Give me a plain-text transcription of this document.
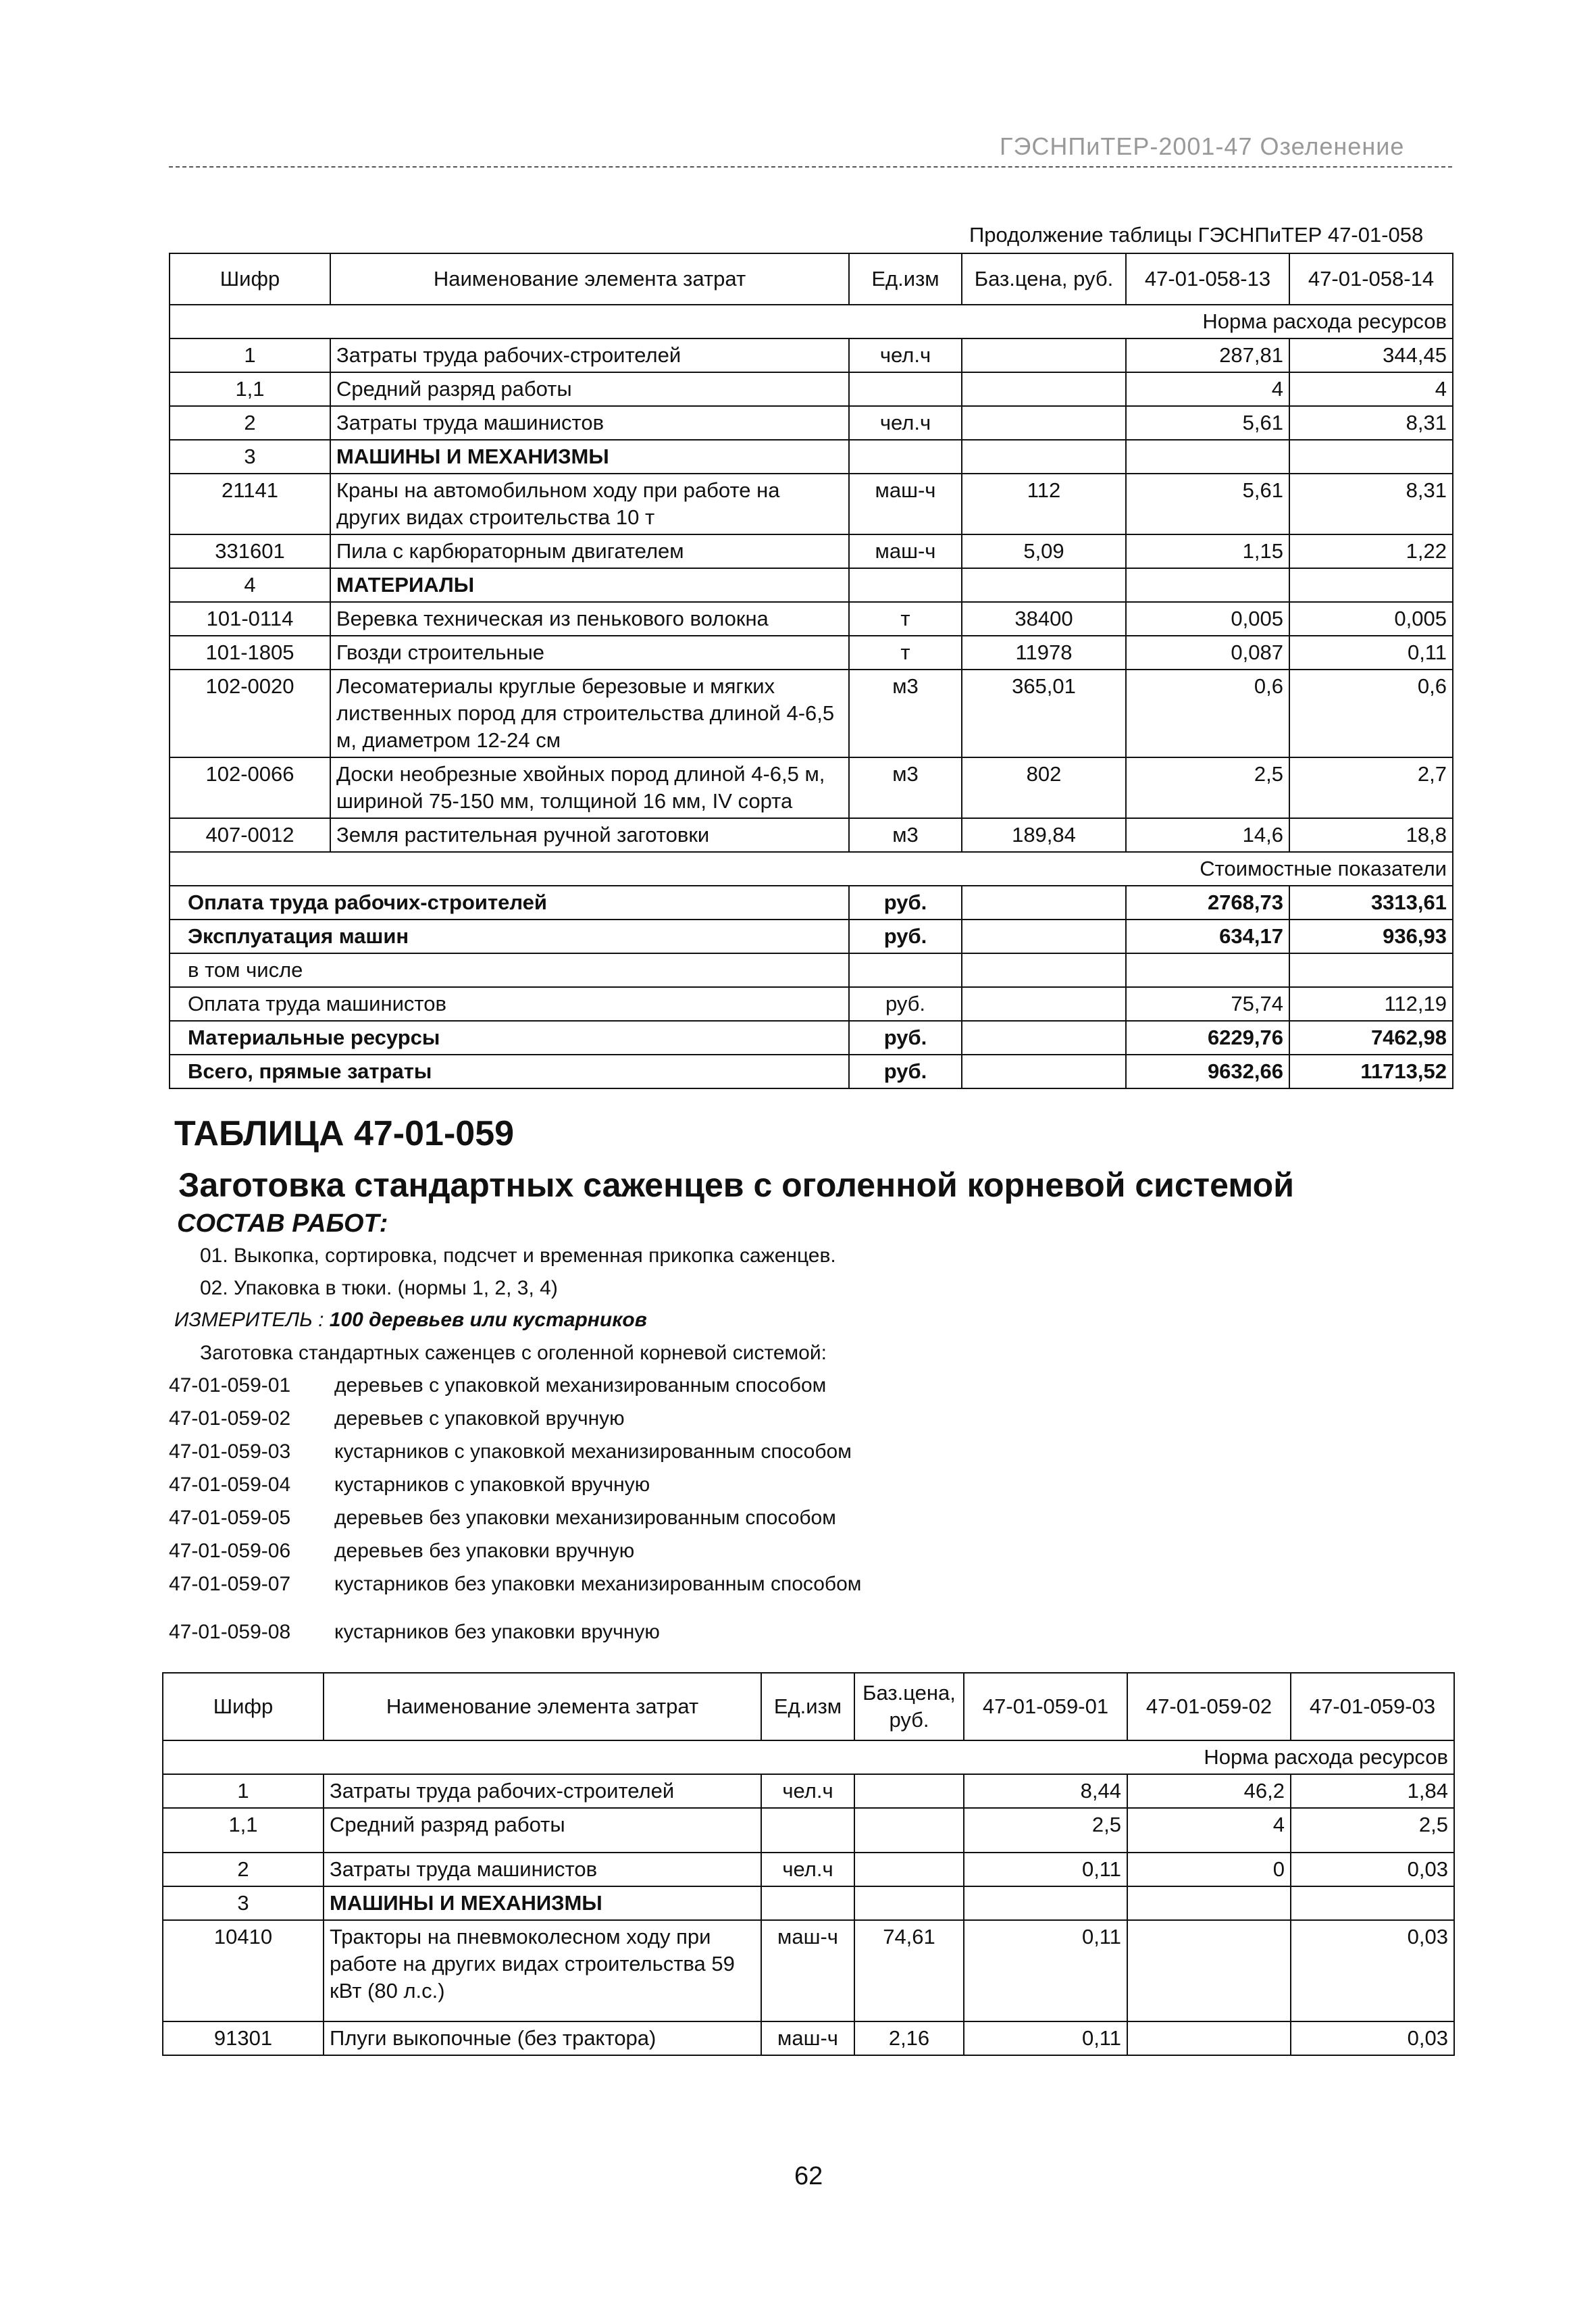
ГЭСНПиТЕР-2001-47 Озеленение
Продолжение таблицы ГЭСНПиТЕР 47-01-058
Шифр	Наименование элемента затрат	Ед.изм	Баз.цена, руб.	47-01-058-13	47-01-058-14
Норма расхода ресурсов					
1	Затраты труда рабочих-строителей	чел.ч		287,81	344,45
1,1	Средний разряд работы			4	4
2	Затраты труда машинистов	чел.ч		5,61	8,31
3	МАШИНЫ И МЕХАНИЗМЫ				
21141	Краны на автомобильном ходу при работе на других видах строительства 10 т	маш-ч	112	5,61	8,31
331601	Пила с карбюраторным двигателем	маш-ч	5,09	1,15	1,22
4	МАТЕРИАЛЫ				
101-0114	Веревка техническая из пенькового волокна	т	38400	0,005	0,005
101-1805	Гвозди строительные	т	11978	0,087	0,11
102-0020	Лесоматериалы круглые березовые и мягких лиственных пород для строительства длиной 4-6,5 м, диаметром 12-24 см	м3	365,01	0,6	0,6
102-0066	Доски необрезные хвойных пород длиной 4-6,5 м, шириной 75-150 мм, толщиной 16 мм, IV сорта	м3	802	2,5	2,7
407-0012	Земля растительная ручной заготовки	м3	189,84	14,6	18,8
Стоимостные показатели					
Оплата труда рабочих-строителей		руб.		2768,73	3313,61
Эксплуатация машин		руб.		634,17	936,93
в том числе					
Оплата труда машинистов		руб.		75,74	112,19
Материальные ресурсы		руб.		6229,76	7462,98
Всего, прямые затраты		руб.		9632,66	11713,52
ТАБЛИЦА 47-01-059
Заготовка стандартных саженцев с оголенной корневой системой
СОСТАВ РАБОТ:
01. Выкопка, сортировка, подсчет и временная прикопка саженцев.
02. Упаковка в тюки. (нормы 1, 2, 3, 4)
ИЗМЕРИТЕЛЬ : 100 деревьев или кустарников
Заготовка стандартных саженцев с оголенной корневой системой:
47-01-059-01 деревьев с упаковкой механизированным способом
47-01-059-02 деревьев с упаковкой вручную
47-01-059-03 кустарников с упаковкой механизированным способом
47-01-059-04 кустарников с упаковкой вручную
47-01-059-05 деревьев без упаковки механизированным способом
47-01-059-06 деревьев без упаковки вручную
47-01-059-07 кустарников без упаковки механизированным способом
47-01-059-08 кустарников без упаковки вручную
Шифр	Наименование элемента затрат	Ед.изм	Баз.цена, руб.	47-01-059-01	47-01-059-02	47-01-059-03
Норма расхода ресурсов						
1	Затраты труда рабочих-строителей	чел.ч		8,44	46,2	1,84
1,1	Средний разряд работы			2,5	4	2,5
2	Затраты труда машинистов	чел.ч		0,11	0	0,03
3	МАШИНЫ И МЕХАНИЗМЫ					
10410	Тракторы на пневмоколесном ходу при работе на других видах строительства 59 кВт (80 л.с.)	маш-ч	74,61	0,11		0,03
91301	Плуги выкопочные (без трактора)	маш-ч	2,16	0,11		0,03
62
